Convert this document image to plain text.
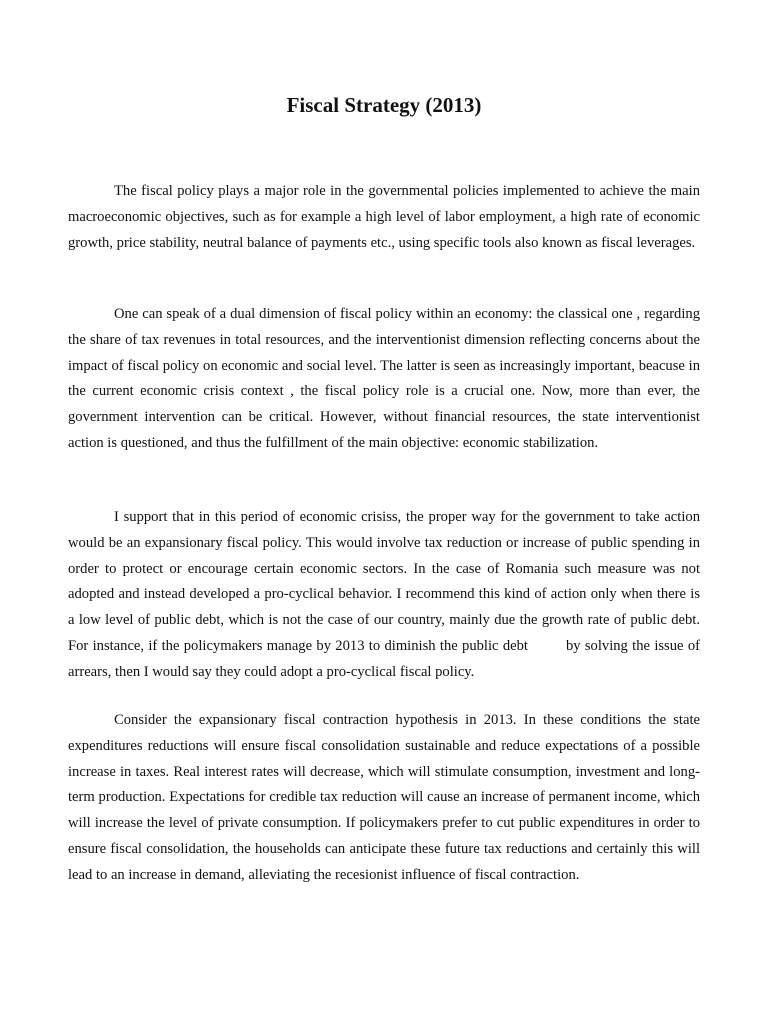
Fiscal Strategy (2013)

The fiscal policy plays a major role in the governmental policies implemented to achieve the main macroeconomic objectives, such as for example a high level of labor employment, a high rate of economic growth, price stability, neutral balance of payments etc., using specific tools also known as fiscal leverages.

One can speak of a dual dimension of fiscal policy within an economy: the classical one , regarding the share of tax revenues in total resources, and the interventionist dimension reflecting concerns about the impact of fiscal policy on economic and social level. The latter is seen as increasingly important, beacuse in the current economic crisis context , the fiscal policy role is a crucial one. Now, more than ever, the government intervention can be critical. However, without financial resources, the state interventionist action is questioned, and thus the fulfillment of the main objective: economic stabilization.

I support that in this period of economic crisiss, the proper way for the government to take action would be an expansionary fiscal policy. This would involve tax reduction or increase of public spending in order to protect or encourage certain economic sectors. In the case of Romania such measure was not adopted and instead developed a pro-cyclical behavior. I recommend this kind of action only when there is a low level of public debt, which is not the case of our country, mainly due the growth rate of public debt. For instance, if the policymakers manage by 2013 to diminish the public debt	by solving the issue of arrears, then I would say they could adopt a pro-cyclical fiscal policy.

Consider the expansionary fiscal contraction hypothesis in 2013. In these conditions the state expenditures reductions will ensure fiscal consolidation sustainable and reduce expectations of a possible increase in taxes. Real interest rates will decrease, which will stimulate consumption, investment and long-term production. Expectations for credible tax reduction will cause an increase of permanent income, which will increase the level of private consumption. If policymakers prefer to cut public expenditures in order to ensure fiscal consolidation, the households can anticipate these future tax reductions and certainly this will lead to an increase in demand, alleviating the recesionist influence of fiscal contraction.
